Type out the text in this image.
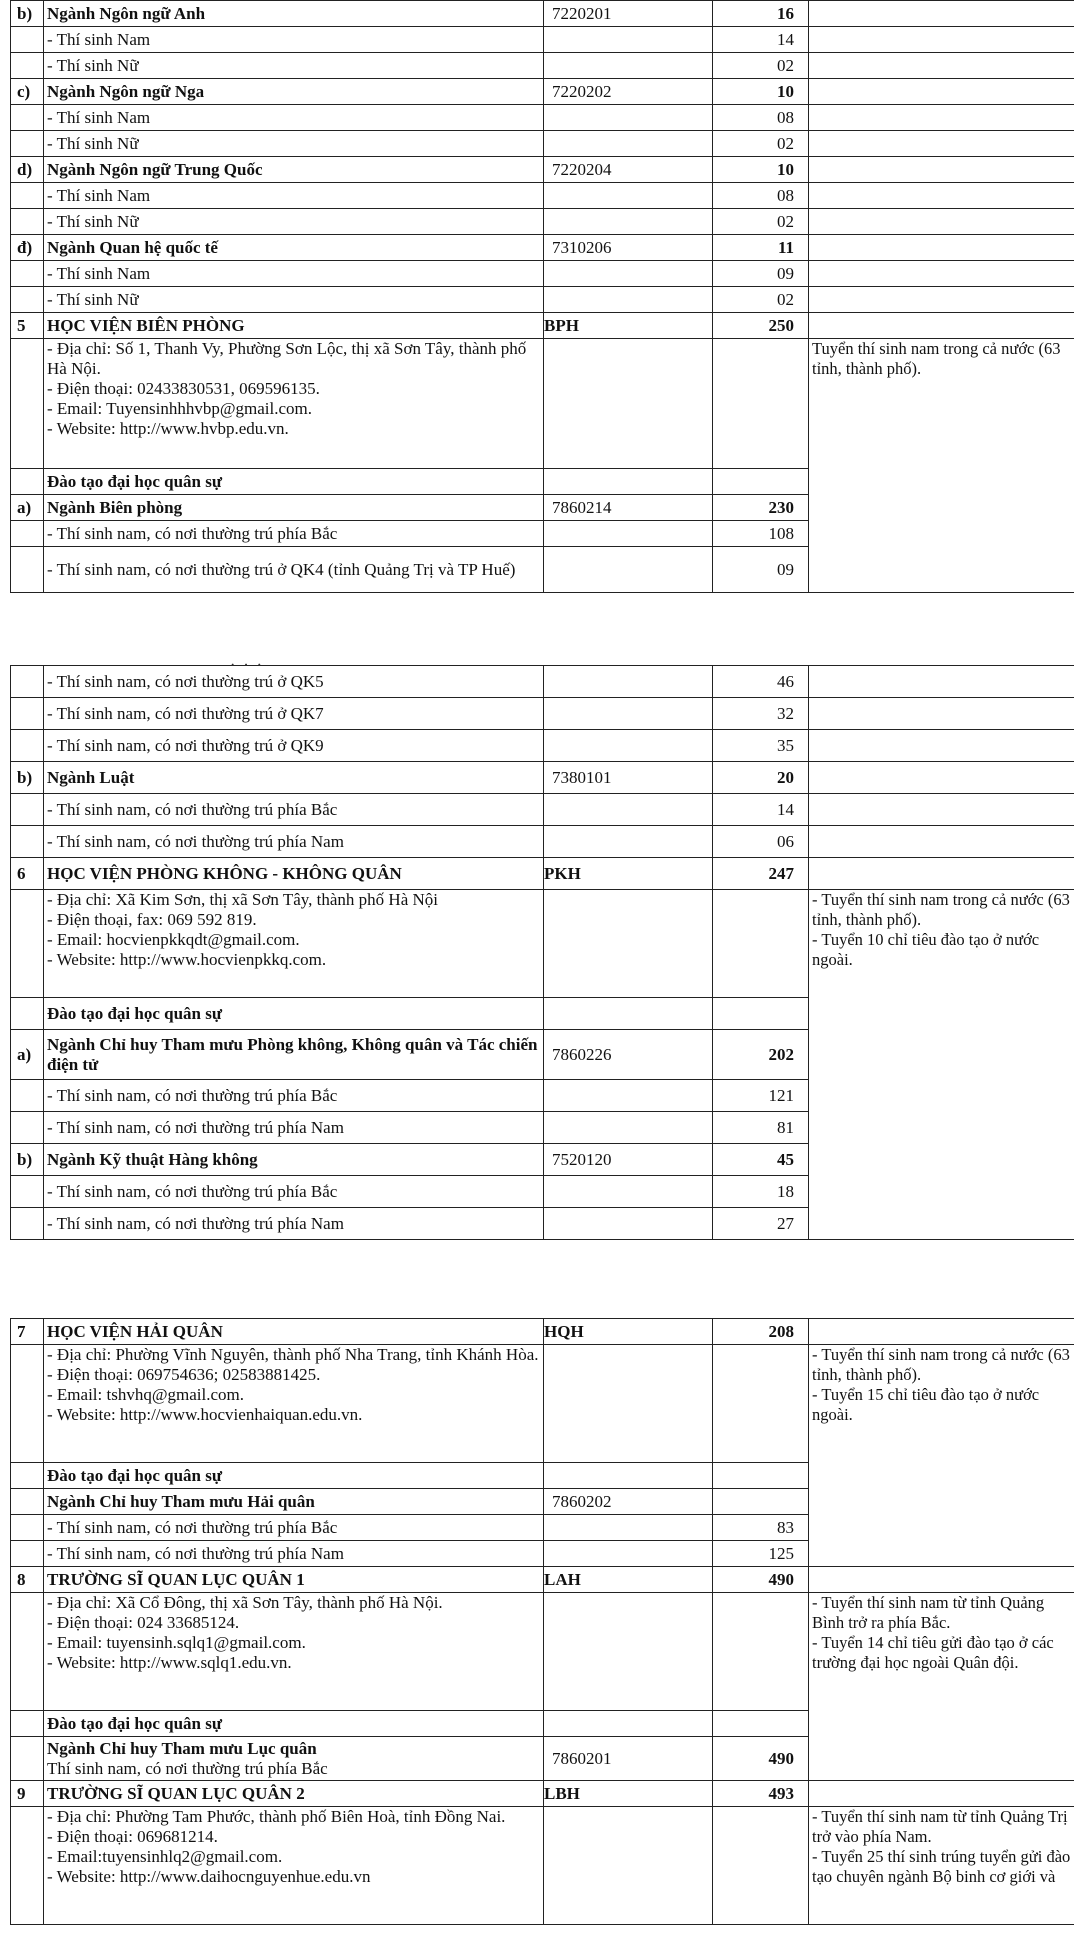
b)	Ngành Ngôn ngữ Anh	7220201	16	
	- Thí sinh Nam		14	
	- Thí sinh Nữ		02	
c)	Ngành Ngôn ngữ Nga	7220202	10	
	- Thí sinh Nam		08	
	- Thí sinh Nữ		02	
d)	Ngành Ngôn ngữ Trung Quốc	7220204	10	
	- Thí sinh Nam		08	
	- Thí sinh Nữ		02	
đ)	Ngành Quan hệ quốc tế	7310206	11	
	- Thí sinh Nam		09	
	- Thí sinh Nữ		02	
5	HỌC VIỆN BIÊN PHÒNG	BPH	250	
	- Địa chỉ: Số 1, Thanh Vy, Phường Sơn Lộc, thị xã Sơn Tây, thành phố Hà Nội.
- Điện thoại: 02433830531, 069596135.
- Email: Tuyensinhhhvbp@gmail.com.
- Website: http://www.hvbp.edu.vn.			Tuyển thí sinh nam trong cả nước (63 tỉnh, thành phố).
	Đào tạo đại học quân sự			
a)	Ngành Biên phòng	7860214	230	
	- Thí sinh nam, có nơi thường trú phía Bắc		108	
	- Thí sinh nam, có nơi thường trú ở QK4 (tỉnh Quảng Trị và TP Huế)		09	
· · ·
	- Thí sinh nam, có nơi thường trú ở QK5		46	
	- Thí sinh nam, có nơi thường trú ở QK7		32	
	- Thí sinh nam, có nơi thường trú ở QK9		35	
b)	Ngành Luật	7380101	20	
	- Thí sinh nam, có nơi thường trú phía Bắc		14	
	- Thí sinh nam, có nơi thường trú phía Nam		06	
6	HỌC VIỆN PHÒNG KHÔNG - KHÔNG QUÂN	PKH	247	
	- Địa chỉ: Xã Kim Sơn, thị xã Sơn Tây, thành phố Hà Nội
- Điện thoại, fax: 069 592 819.
- Email: hocvienpkkqdt@gmail.com.
- Website: http://www.hocvienpkkq.com.			- Tuyển thí sinh nam trong cả nước (63 tỉnh, thành phố).
- Tuyển 10 chỉ tiêu đào tạo ở nước ngoài.
	Đào tạo đại học quân sự			
a)	Ngành Chỉ huy Tham mưu Phòng không, Không quân và Tác chiến điện tử	7860226	202	
	- Thí sinh nam, có nơi thường trú phía Bắc		121	
	- Thí sinh nam, có nơi thường trú phía Nam		81	
b)	Ngành Kỹ thuật Hàng không	7520120	45	
	- Thí sinh nam, có nơi thường trú phía Bắc		18	
	- Thí sinh nam, có nơi thường trú phía Nam		27	
7	HỌC VIỆN HẢI QUÂN	HQH	208	
	- Địa chỉ: Phường Vĩnh Nguyên, thành phố Nha Trang, tỉnh Khánh Hòa.
- Điện thoại: 069754636; 02583881425.
- Email: tshvhq@gmail.com.
- Website: http://www.hocvienhaiquan.edu.vn.			- Tuyển thí sinh nam trong cả nước (63 tỉnh, thành phố).
- Tuyển 15 chỉ tiêu đào tạo ở nước ngoài.
	Đào tạo đại học quân sự			
	Ngành Chỉ huy Tham mưu Hải quân	7860202		
	- Thí sinh nam, có nơi thường trú phía Bắc		83	
	- Thí sinh nam, có nơi thường trú phía Nam		125	
8	TRƯỜNG SĨ QUAN LỤC QUÂN 1	LAH	490	
	- Địa chỉ: Xã Cổ Đông, thị xã Sơn Tây, thành phố Hà Nội.
- Điện thoại: 024 33685124.
- Email: tuyensinh.sqlq1@gmail.com.
- Website: http://www.sqlq1.edu.vn.			- Tuyển thí sinh nam từ tỉnh Quảng Bình trở ra phía Bắc.
- Tuyển 14 chỉ tiêu gửi đào tạo ở các trường đại học ngoài Quân đội.
	Đào tạo đại học quân sự			
	Ngành Chỉ huy Tham mưu Lục quân
Thí sinh nam, có nơi thường trú phía Bắc	7860201	490	
9	TRƯỜNG SĨ QUAN LỤC QUÂN 2	LBH	493	
	- Địa chỉ: Phường Tam Phước, thành phố Biên Hoà, tỉnh Đồng Nai.
- Điện thoại: 069681214.
- Email:tuyensinhlq2@gmail.com.
- Website: http://www.daihocnguyenhue.edu.vn			- Tuyển thí sinh nam từ tỉnh Quảng Trị trở vào phía Nam.
- Tuyển 25 thí sinh trúng tuyển gửi đào tạo chuyên ngành Bộ binh cơ giới và
